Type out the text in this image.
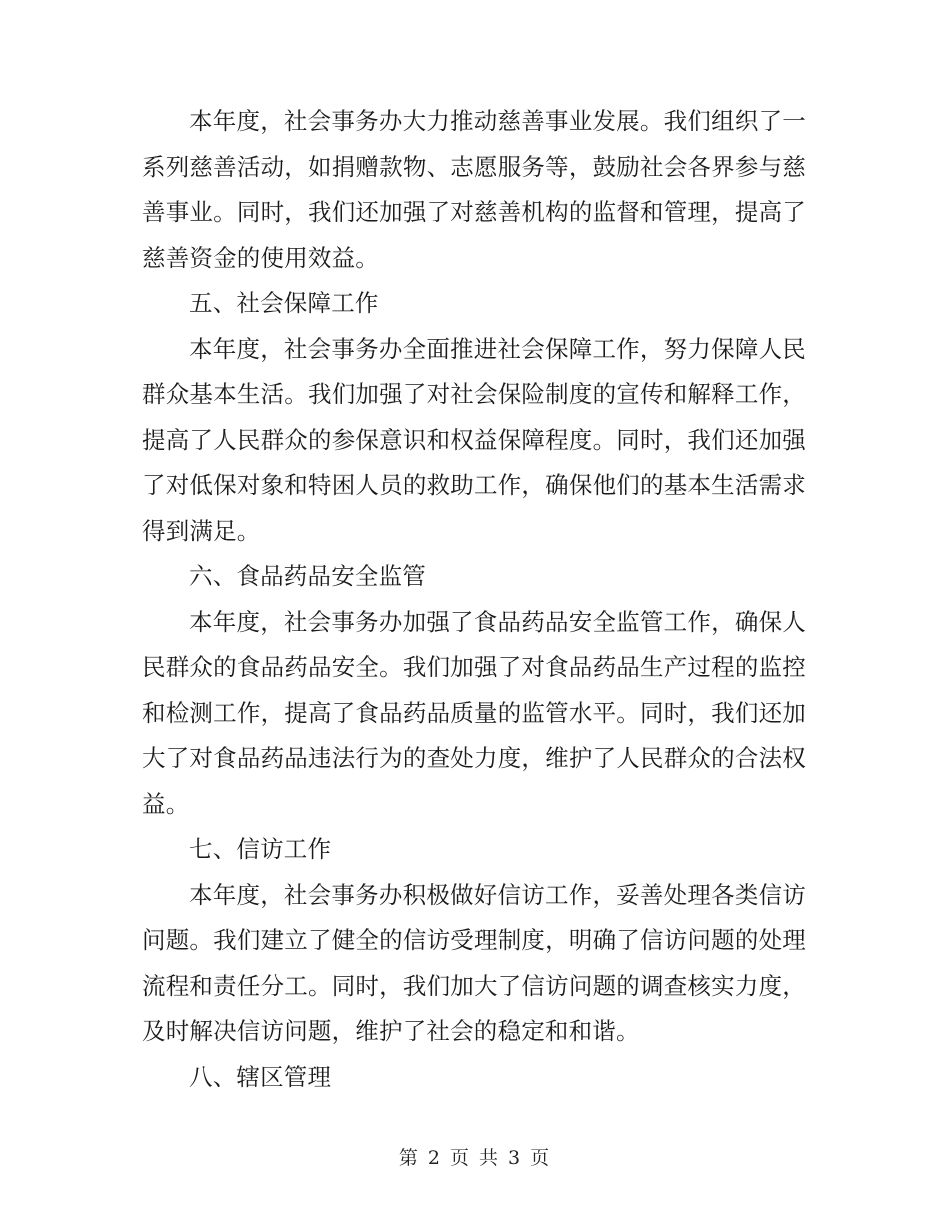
本年度，社会事务办大力推动慈善事业发展。我们组织了一系列慈善活动，如捐赠款物、志愿服务等，鼓励社会各界参与慈善事业。同时，我们还加强了对慈善机构的监督和管理，提高了慈善资金的使用效益。

五、社会保障工作

本年度，社会事务办全面推进社会保障工作，努力保障人民群众基本生活。我们加强了对社会保险制度的宣传和解释工作，提高了人民群众的参保意识和权益保障程度。同时，我们还加强了对低保对象和特困人员的救助工作，确保他们的基本生活需求得到满足。

六、食品药品安全监管

本年度，社会事务办加强了食品药品安全监管工作，确保人民群众的食品药品安全。我们加强了对食品药品生产过程的监控和检测工作，提高了食品药品质量的监管水平。同时，我们还加大了对食品药品违法行为的查处力度，维护了人民群众的合法权益。

七、信访工作

本年度，社会事务办积极做好信访工作，妥善处理各类信访问题。我们建立了健全的信访受理制度，明确了信访问题的处理流程和责任分工。同时，我们加大了信访问题的调查核实力度，及时解决信访问题，维护了社会的稳定和和谐。

八、辖区管理

第 2 页 共 3 页
